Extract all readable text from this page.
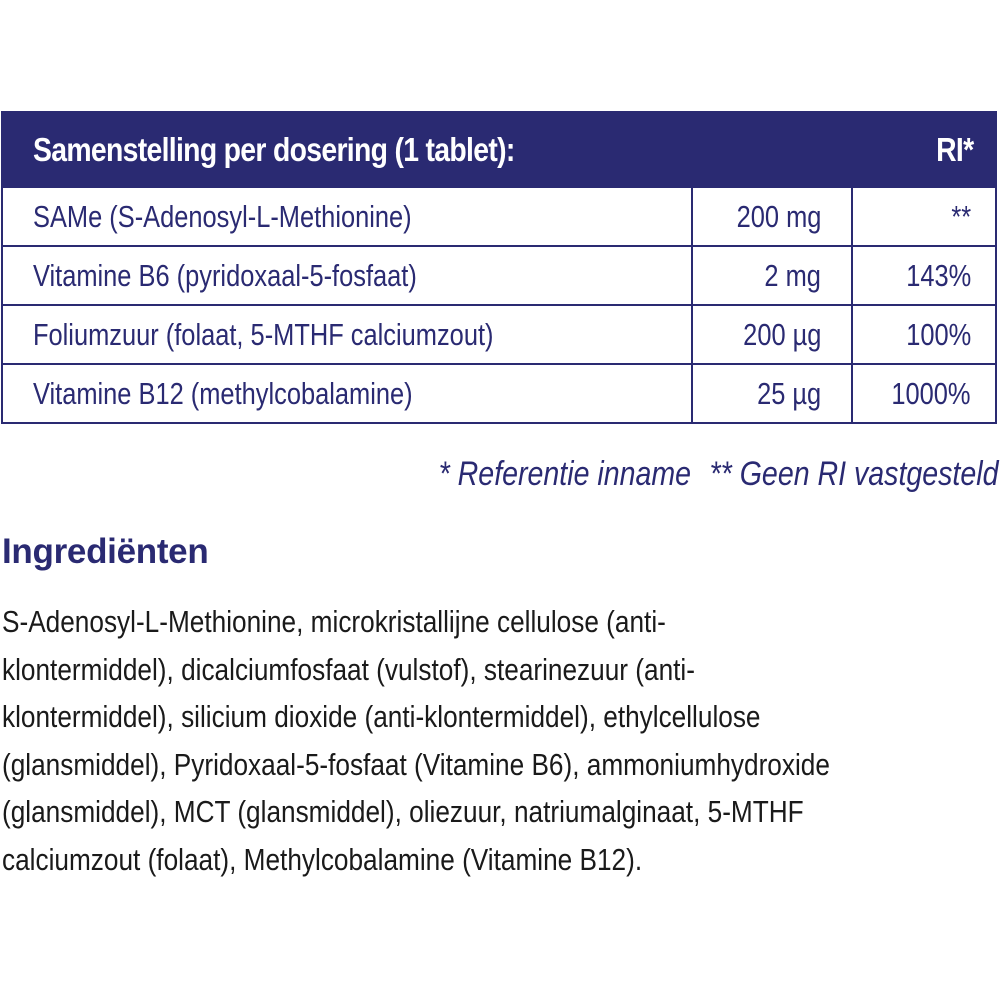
Samenstelling per dosering (1 tablet):	RI*
SAMe (S-Adenosyl-L-Methionine)	200 mg	**
Vitamine B6 (pyridoxaal-5-fosfaat)	2 mg	143%
Foliumzuur (folaat, 5-MTHF calciumzout)	200 µg	100%
Vitamine B12 (methylcobalamine)	25 µg 1000%
* Referentie inname ** Geen RI vastgesteld
Ingrediënten
S-Adenosyl-L-Methionine, microkristallijne cellulose (anti-
klontermiddel), dicalciumfosfaat (vulstof), stearinezuur (anti-
klontermiddel), silicium dioxide (anti-klontermiddel), ethylcellulose
(glansmiddel), Pyridoxaal-5-fosfaat (Vitamine B6), ammoniumhydroxide
(glansmiddel), MCT (glansmiddel), oliezuur, natriumalginaat, 5-MTHF
calciumzout (folaat), Methylcobalamine (Vitamine B12).
